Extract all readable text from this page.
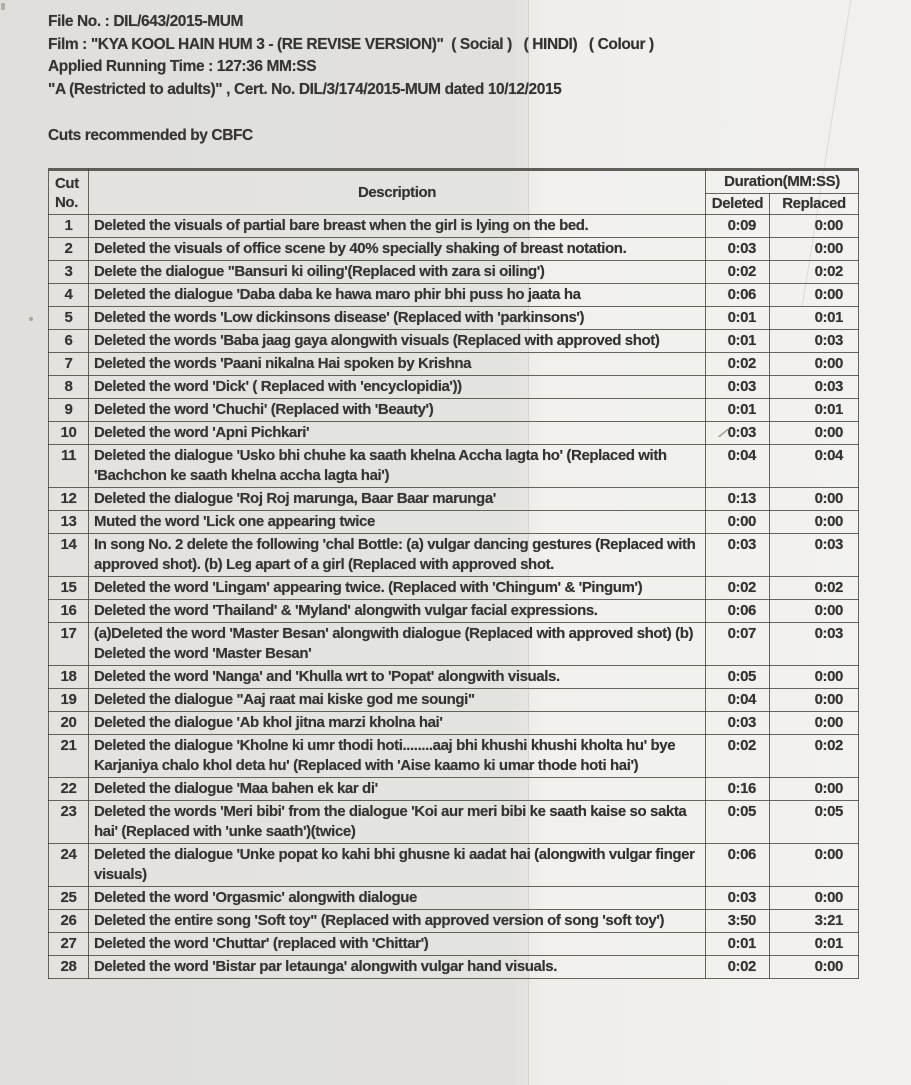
File No. : DIL/643/2015-MUM
Film : "KYA KOOL HAIN HUM 3 - (RE REVISE VERSION)"  ( Social )   ( HINDI)   ( Colour )
Applied Running Time : 127:36 MM:SS
"A (Restricted to adults)" , Cert. No. DIL/3/174/2015-MUM dated 10/12/2015
Cuts recommended by CBFC
Cut
No.	Description	Duration(MM:SS)	
		Deleted	Replaced
1	Deleted the visuals of partial bare breast when the girl is lying on the bed.	0:09	0:00
2	Deleted the visuals of office scene by 40% specially shaking of breast notation.	0:03	0:00
3	Delete the dialogue "Bansuri ki oiling'(Replaced with zara si oiling')	0:02	0:02
4	Deleted the dialogue 'Daba daba ke hawa maro phir bhi puss ho jaata ha	0:06	0:00
5	Deleted the words 'Low dickinsons disease' (Replaced with 'parkinsons')	0:01	0:01
6	Deleted the words 'Baba jaag gaya alongwith visuals (Replaced with approved shot)	0:01	0:03
7	Deleted the words 'Paani nikalna Hai spoken by Krishna	0:02	0:00
8	Deleted the word 'Dick' ( Replaced with 'encyclopidia'))	0:03	0:03
9	Deleted the word 'Chuchi' (Replaced with 'Beauty')	0:01	0:01
10	Deleted the word 'Apni Pichkari'	∕∕0:03	0:00
11	Deleted the dialogue 'Usko bhi chuhe ka saath khelna Accha lagta ho' (Replaced with 'Bachchon ke saath khelna accha lagta hai')	0:04	0:04
12	Deleted the dialogue 'Roj Roj marunga, Baar Baar marunga'	0:13	0:00
13	Muted the word 'Lick one appearing twice	0:00	0:00
14	In song No. 2 delete the following 'chal Bottle: (a) vulgar dancing gestures (Replaced with approved shot). (b) Leg apart of a girl (Replaced with approved shot.	0:03	0:03
15	Deleted the word 'Lingam' appearing twice. (Replaced with 'Chingum' & 'Pingum')	0:02	0:02
16	Deleted the word 'Thailand' & 'Myland' alongwith vulgar facial expressions.	0:06	0:00
17	(a)Deleted the word 'Master Besan' alongwith dialogue (Replaced with approved shot) (b) Deleted the word 'Master Besan'	0:07	0:03
18	Deleted the word 'Nanga' and 'Khulla wrt to 'Popat' alongwith visuals.	0:05	0:00
19	Deleted the dialogue "Aaj raat mai kiske god me soungi"	0:04	0:00
20	Deleted the dialogue 'Ab khol jitna marzi kholna hai'	0:03	0:00
21	Deleted the dialogue 'Kholne ki umr thodi hoti........aaj bhi khushi khushi kholta hu' bye Karjaniya chalo khol deta hu' (Replaced with 'Aise kaamo ki umar thode hoti hai')	0:02	0:02
22	Deleted the dialogue 'Maa bahen ek kar di'	0:16	0:00
23	Deleted the words 'Meri bibi' from the dialogue 'Koi aur meri bibi ke saath kaise so sakta hai' (Replaced with 'unke saath')(twice)	0:05	0:05
24	Deleted the dialogue 'Unke popat ko kahi bhi ghusne ki aadat hai (alongwith vulgar finger visuals)	0:06	0:00
25	Deleted the word 'Orgasmic' alongwith dialogue	0:03	0:00
26	Deleted the entire song 'Soft toy" (Replaced with approved version of song 'soft toy')	3:50	3:21
27	Deleted the word 'Chuttar' (replaced with 'Chittar')	0:01	0:01
28	Deleted the word 'Bistar par letaunga' alongwith vulgar hand visuals.	0:02	0:00
